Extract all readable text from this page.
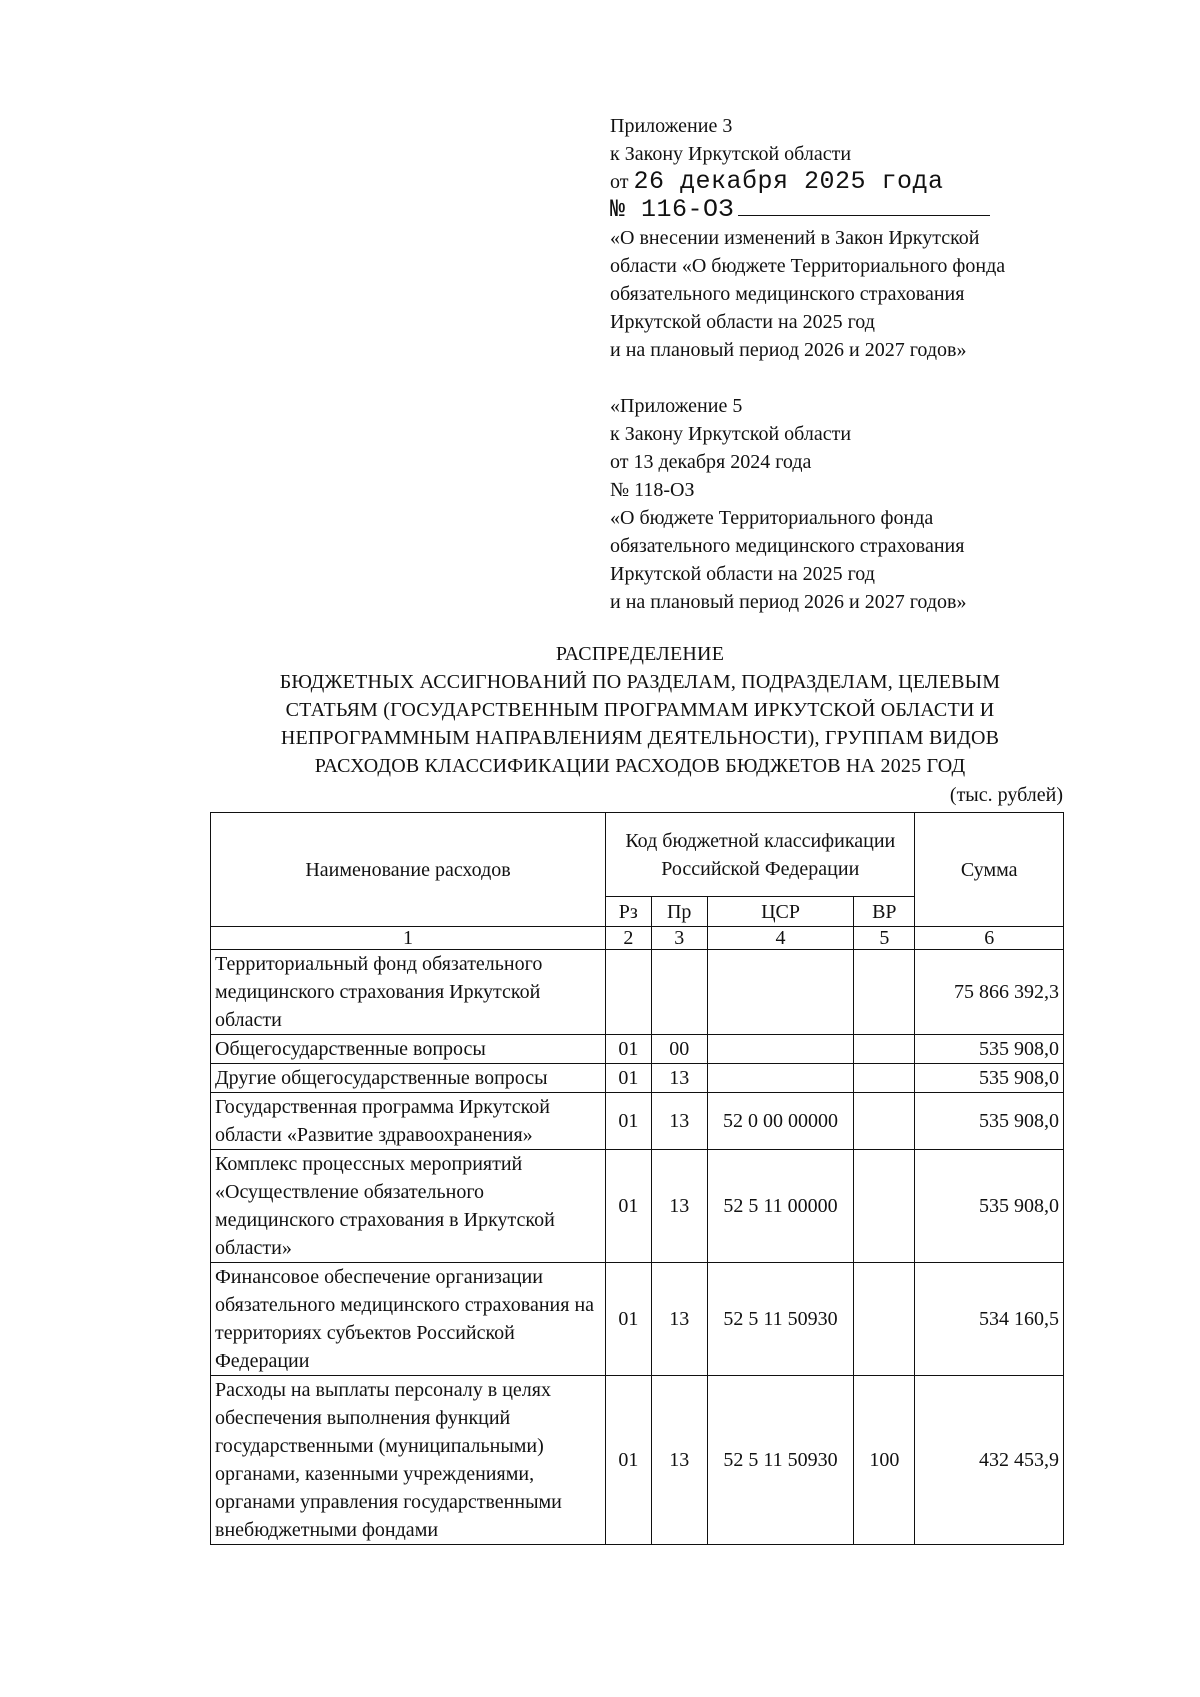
Приложение 3
к Закону Иркутской области
от 26 декабря 2025 года
№ 116-ОЗ
«О внесении изменений в Закон Иркутской
области «О бюджете Территориального фонда
обязательного медицинского страхования
Иркутской области на 2025 год
и на плановый период 2026 и 2027 годов»
«Приложение 5
к Закону Иркутской области
от 13 декабря 2024 года
№ 118-ОЗ
«О бюджете Территориального фонда
обязательного медицинского страхования
Иркутской области на 2025 год
и на плановый период 2026 и 2027 годов»
РАСПРЕДЕЛЕНИЕ
БЮДЖЕТНЫХ АССИГНОВАНИЙ ПО РАЗДЕЛАМ, ПОДРАЗДЕЛАМ, ЦЕЛЕВЫМ
СТАТЬЯМ (ГОСУДАРСТВЕННЫМ ПРОГРАММАМ ИРКУТСКОЙ ОБЛАСТИ И
НЕПРОГРАММНЫМ НАПРАВЛЕНИЯМ ДЕЯТЕЛЬНОСТИ), ГРУППАМ ВИДОВ
РАСХОДОВ КЛАССИФИКАЦИИ РАСХОДОВ БЮДЖЕТОВ НА 2025 ГОД
(тыс. рублей)
Наименование расходов	Код бюджетной классификации Российской Федерации				Сумма
	Рз	Пр	ЦСР	ВР	
1	2	3	4	5	6
Территориальный фонд обязательного медицинского страхования Иркутской области					75 866 392,3
Общегосударственные вопросы	01	00			535 908,0
Другие общегосударственные вопросы	01	13			535 908,0
Государственная программа Иркутской области «Развитие здравоохранения»	01	13	52 0 00 00000		535 908,0
Комплекс процессных мероприятий «Осуществление обязательного медицинского страхования в Иркутской области»	01	13	52 5 11 00000		535 908,0
Финансовое обеспечение организации обязательного медицинского страхования на территориях субъектов Российской Федерации	01	13	52 5 11 50930		534 160,5
Расходы на выплаты персоналу в целях обеспечения выполнения функций государственными (муниципальными) органами, казенными учреждениями, органами управления государственными внебюджетными фондами	01	13	52 5 11 50930	100	432 453,9
